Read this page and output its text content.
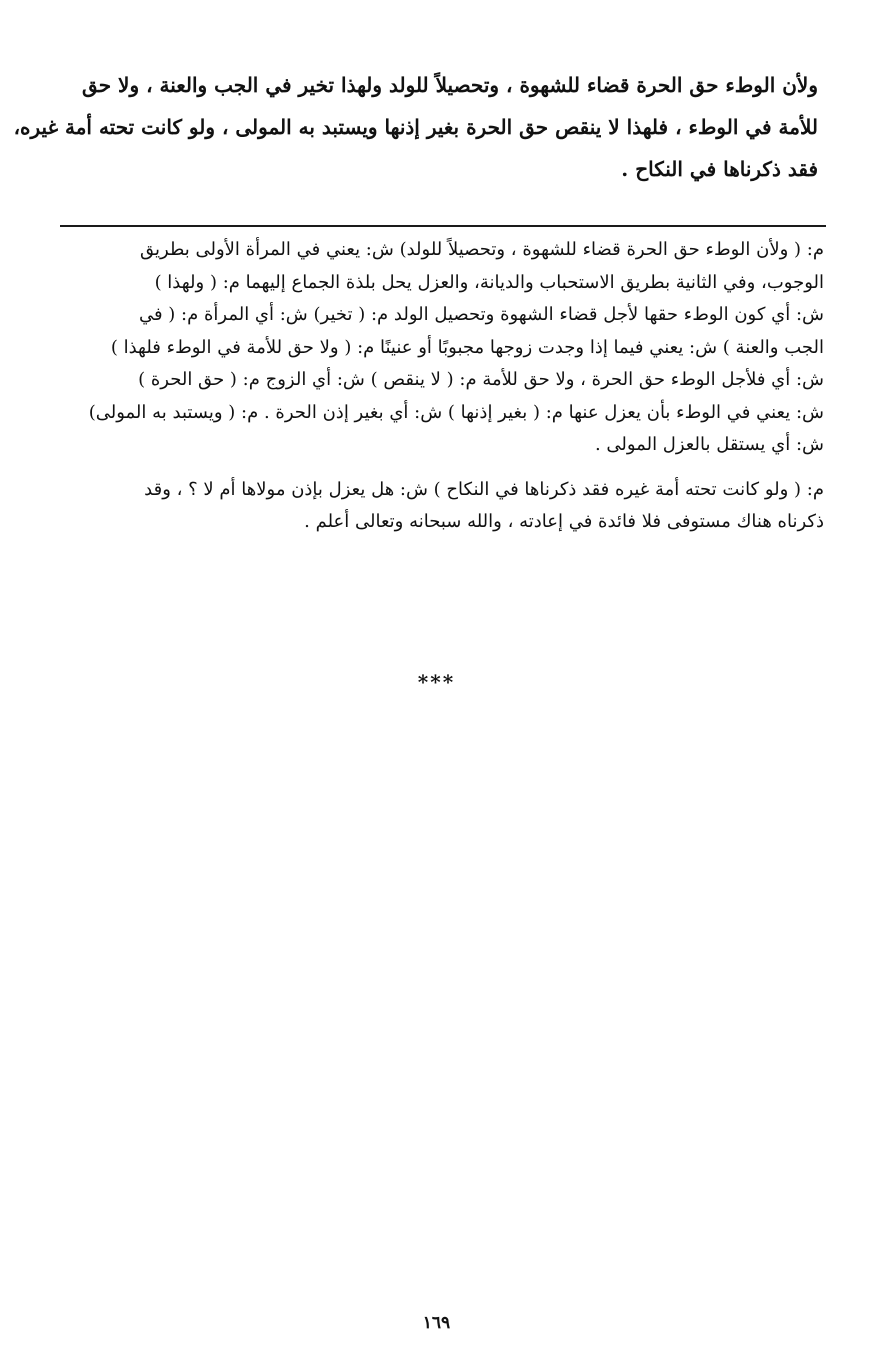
ولأن الوطء حق الحرة قضاء للشهوة ، وتحصيلاً للولد ولهذا تخير في الجب والعنة ، ولا حق
للأمة في الوطء ، فلهذا لا ينقص حق الحرة بغير إذنها ويستبد به المولى ، ولو كانت تحته أمة غيره،
فقد ذكرناها في النكاح .
م: ( ولأن الوطء حق الحرة قضاء للشهوة ، وتحصيلاً للولد) ش: يعني في المرأة الأولى بطريق
الوجوب، وفي الثانية بطريق الاستحباب والديانة، والعزل يحل بلذة الجماع إليهما م: ( ولهذا )
ش: أي كون الوطء حقها لأجل قضاء الشهوة وتحصيل الولد م: ( تخير) ش: أي المرأة م: ( في
الجب والعنة ) ش: يعني فيما إذا وجدت زوجها مجبوبًا أو عنينًا م: ( ولا حق للأمة في الوطء فلهذا )
ش: أي فلأجل الوطء حق الحرة ، ولا حق للأمة م: ( لا ينقص ) ش: أي الزوج م: ( حق الحرة )
ش: يعني في الوطء بأن يعزل عنها م: ( بغير إذنها ) ش: أي بغير إذن الحرة . م: ( ويستبد به المولى)
ش: أي يستقل بالعزل المولى .
م: ( ولو كانت تحته أمة غيره فقد ذكرناها في النكاح ) ش: هل يعزل بإذن مولاها أم لا ؟ ، وقد
ذكرناه هناك مستوفى فلا فائدة في إعادته ، والله سبحانه وتعالى أعلم .
***
١٦٩
